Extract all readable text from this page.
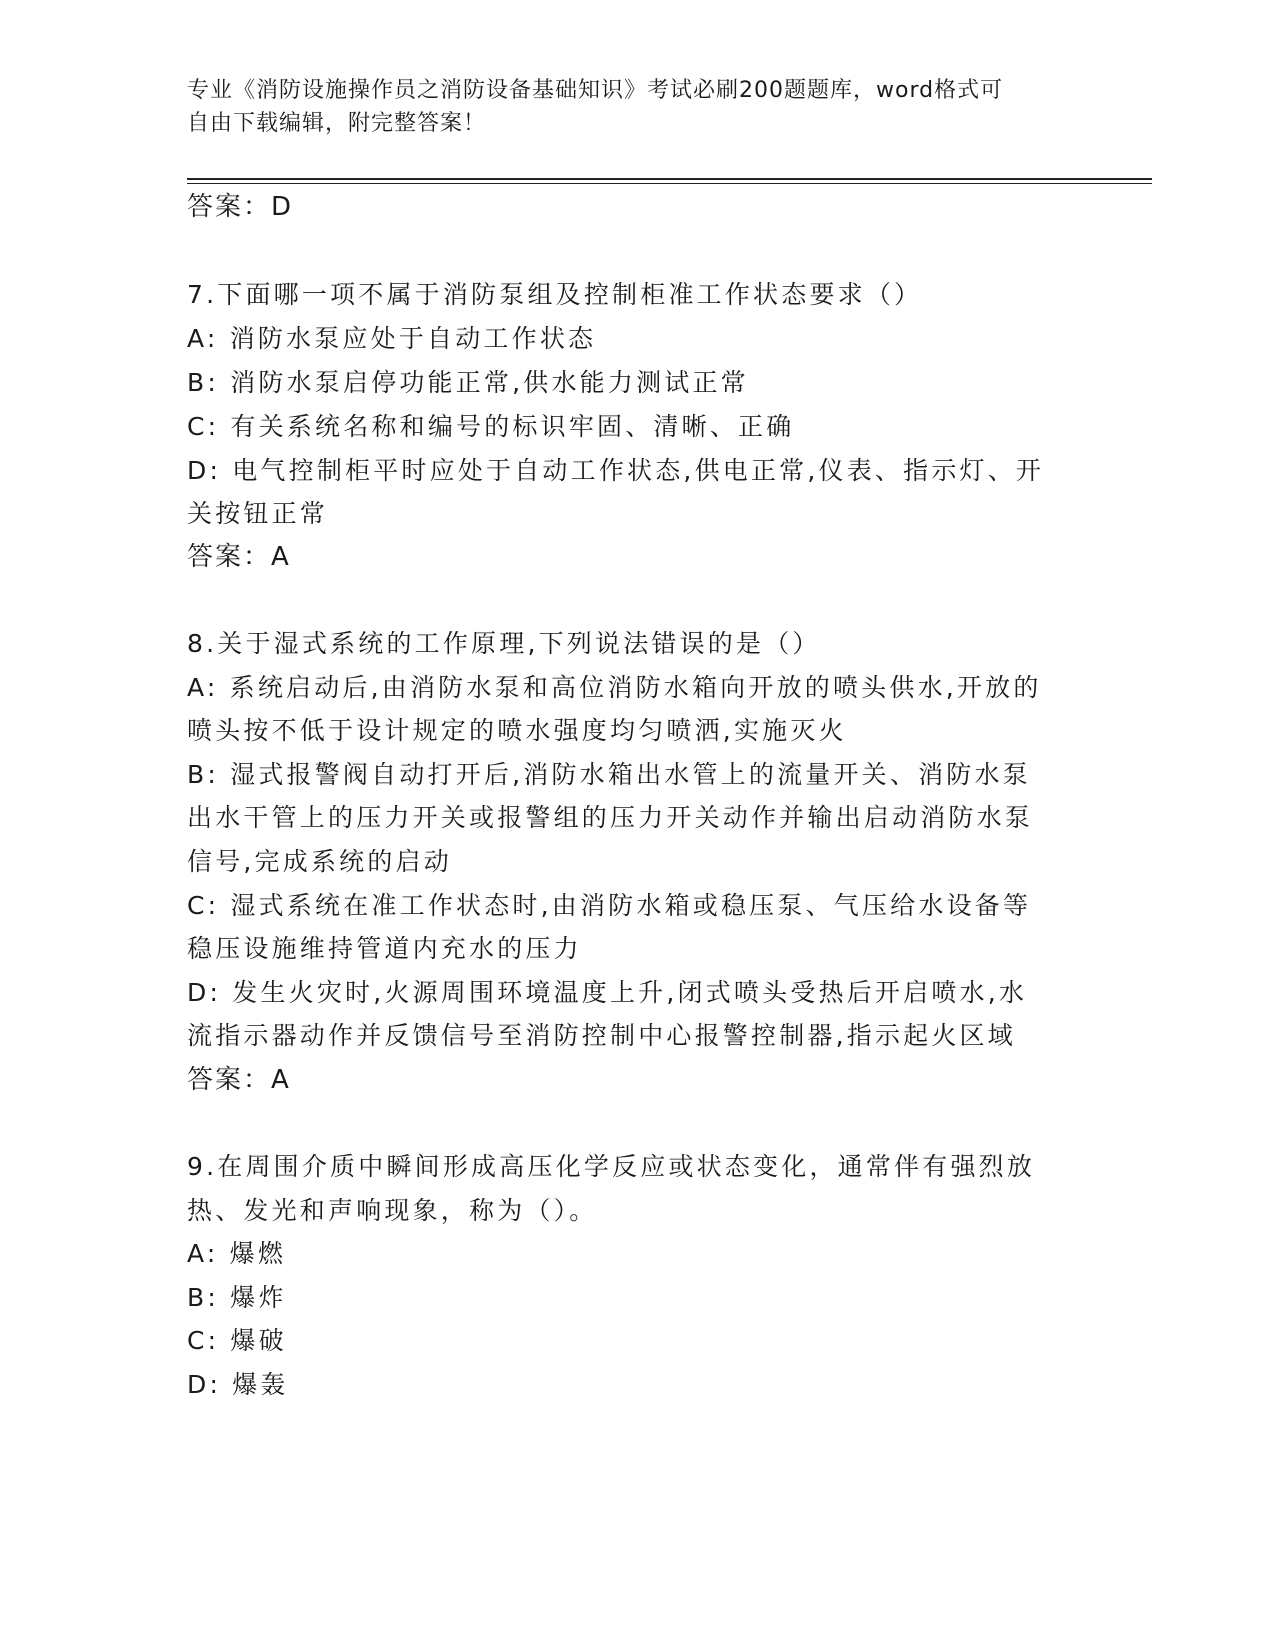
专业《消防设施操作员之消防设备基础知识》考试必刷200题题库，word格式可
自由下载编辑，附完整答案！
答案：D
7.下面哪一项不属于消防泵组及控制柜准工作状态要求（）
A: 消防水泵应处于自动工作状态
B: 消防水泵启停功能正常,供水能力测试正常
C: 有关系统名称和编号的标识牢固、清晰、正确
D: 电气控制柜平时应处于自动工作状态,供电正常,仪表、指示灯、开
关按钮正常
答案：A
8.关于湿式系统的工作原理,下列说法错误的是（）
A: 系统启动后,由消防水泵和高位消防水箱向开放的喷头供水,开放的
喷头按不低于设计规定的喷水强度均匀喷洒,实施灭火
B: 湿式报警阀自动打开后,消防水箱出水管上的流量开关、消防水泵
出水干管上的压力开关或报警组的压力开关动作并输出启动消防水泵
信号,完成系统的启动
C: 湿式系统在准工作状态时,由消防水箱或稳压泵、气压给水设备等
稳压设施维持管道内充水的压力
D: 发生火灾时,火源周围环境温度上升,闭式喷头受热后开启喷水,水
流指示器动作并反馈信号至消防控制中心报警控制器,指示起火区域
答案：A
9.在周围介质中瞬间形成高压化学反应或状态变化，通常伴有强烈放
热、发光和声响现象，称为（）。
A: 爆燃
B: 爆炸
C: 爆破
D: 爆轰
